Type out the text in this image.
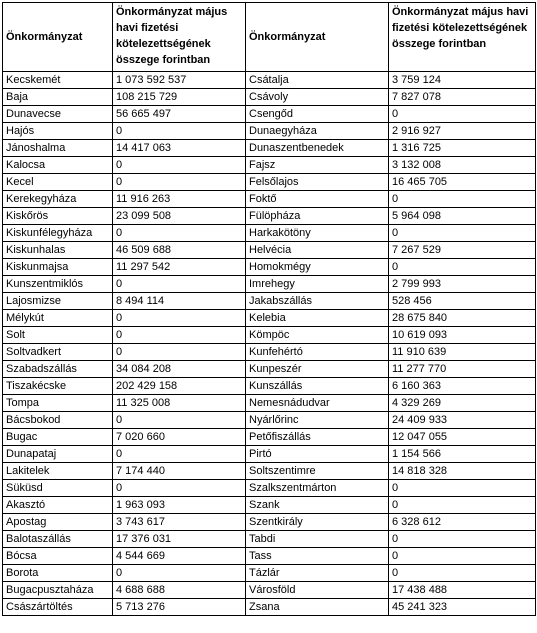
Önkormányzat	Önkormányzat május havi fizetési kötelezettségének összege forintban	Önkormányzat	Önkormányzat május havi fizetési kötelezettségének összege forintban
Kecskemét	1 073 592 537	Csátalja	3 759 124
Baja	108 215 729	Csávoly	7 827 078
Dunavecse	56 665 497	Csengőd	0
Hajós	0	Dunaegyháza	2 916 927
Jánoshalma	14 417 063	Dunaszentbenedek	1 316 725
Kalocsa	0	Fajsz	3 132 008
Kecel	0	Felsőlajos	16 465 705
Kerekegyháza	11 916 263	Foktő	0
Kiskőrös	23 099 508	Fülöpháza	5 964 098
Kiskunfélegyháza	0	Harkakötöny	0
Kiskunhalas	46 509 688	Helvécia	7 267 529
Kiskunmajsa	11 297 542	Homokmégy	0
Kunszentmiklós	0	Imrehegy	2 799 993
Lajosmizse	8 494 114	Jakabszállás	528 456
Mélykút	0	Kelebia	28 675 840
Solt	0	Kömpöc	10 619 093
Soltvadkert	0	Kunfehértó	11 910 639
Szabadszállás	34 084 208	Kunpeszér	11 277 770
Tiszakécske	202 429 158	Kunszállás	6 160 363
Tompa	11 325 008	Nemesnádudvar	4 329 269
Bácsbokod	0	Nyárlőrinc	24 409 933
Bugac	7 020 660	Petőfiszállás	12 047 055
Dunapataj	0	Pirtó	1 154 566
Lakitelek	7 174 440	Soltszentimre	14 818 328
Süküsd	0	Szalkszentmárton	0
Akasztó	1 963 093	Szank	0
Apostag	3 743 617	Szentkirály	6 328 612
Balotaszállás	17 376 031	Tabdi	0
Bócsa	4 544 669	Tass	0
Borota	0	Tázlár	0
Bugacpusztaháza	4 688 688	Városföld	17 438 488
Császártöltés	5 713 276	Zsana	45 241 323
